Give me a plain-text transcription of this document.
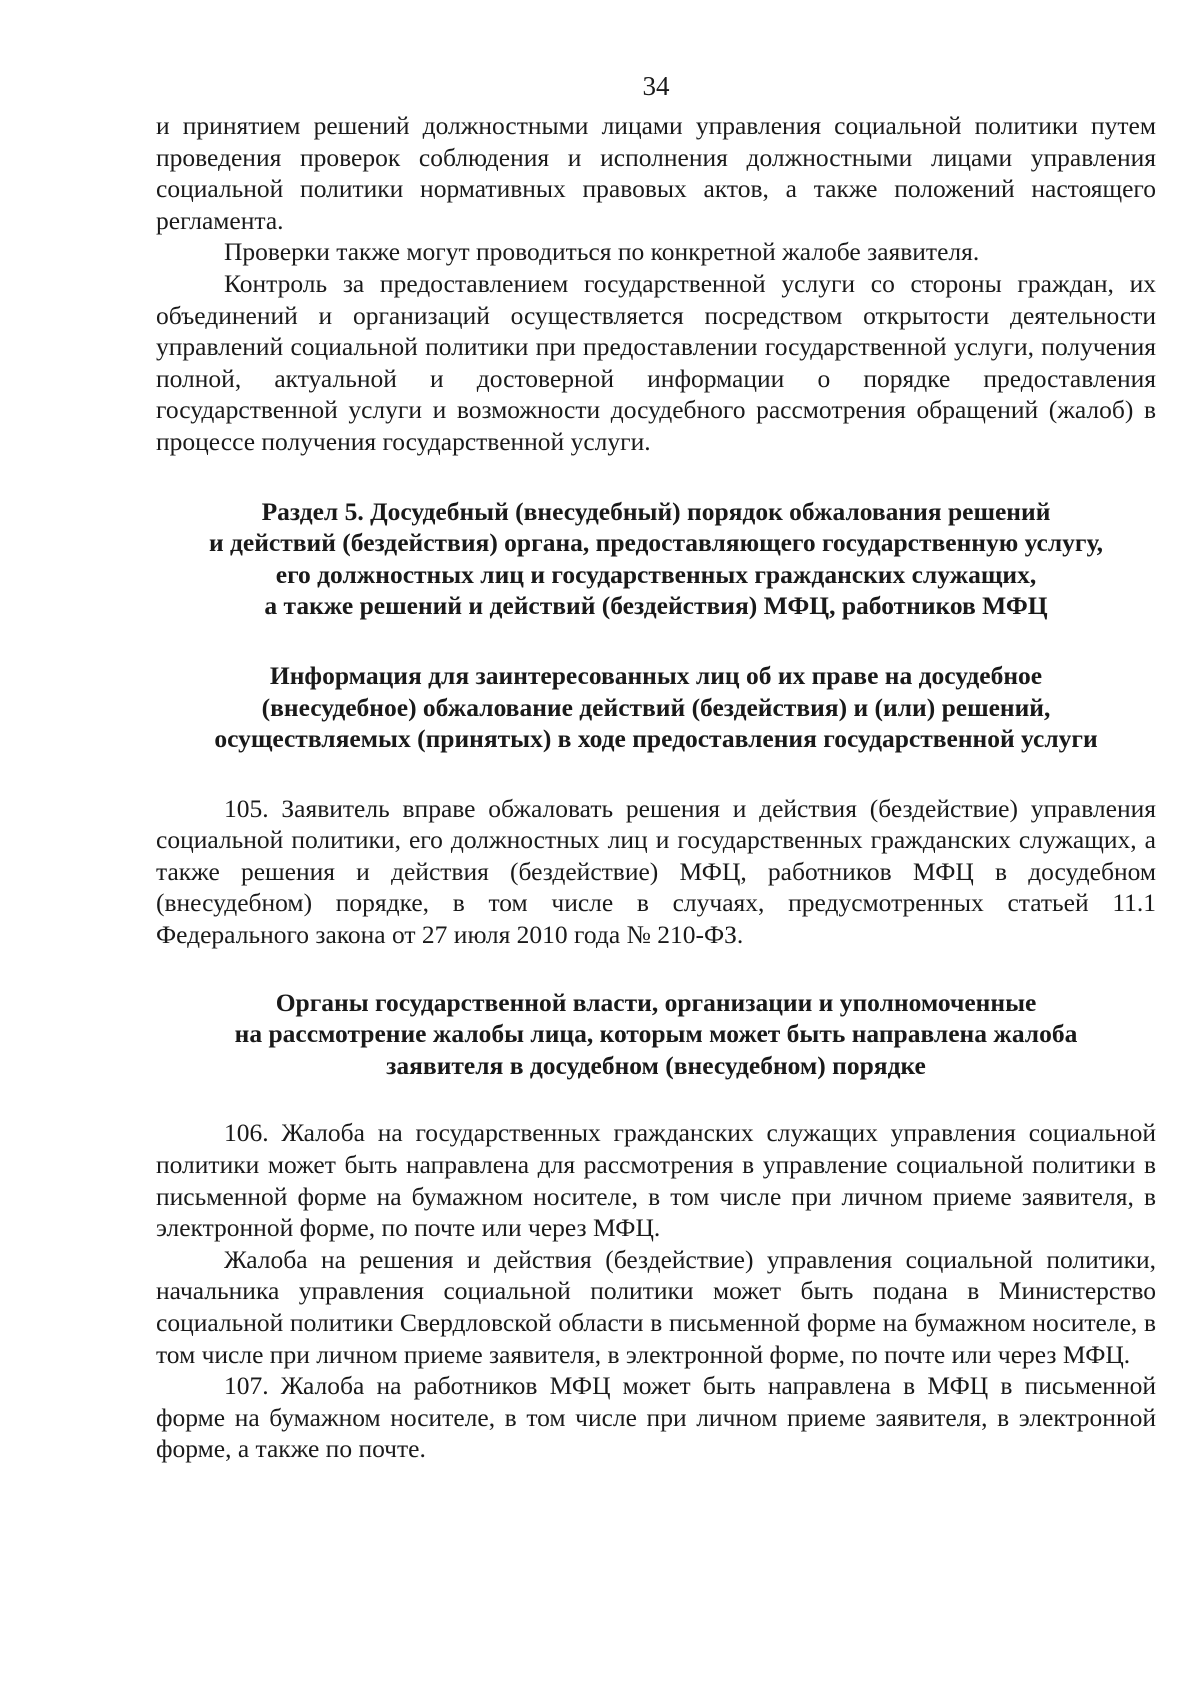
34

и принятием решений должностными лицами управления социальной политики путем проведения проверок соблюдения и исполнения должностными лицами управления социальной политики нормативных правовых актов, а также положений настоящего регламента.

Проверки также могут проводиться по конкретной жалобе заявителя.

Контроль за предоставлением государственной услуги со стороны граждан, их объединений и организаций осуществляется посредством открытости деятельности управлений социальной политики при предоставлении государственной услуги, получения полной, актуальной и достоверной информации о порядке предоставления государственной услуги и возможности досудебного рассмотрения обращений (жалоб) в процессе получения государственной услуги.

Раздел 5. Досудебный (внесудебный) порядок обжалования решений
и действий (бездействия) органа, предоставляющего государственную услугу,
его должностных лиц и государственных гражданских служащих,
а также решений и действий (бездействия) МФЦ, работников МФЦ
Информация для заинтересованных лиц об их праве на досудебное
(внесудебное) обжалование действий (бездействия) и (или) решений,
осуществляемых (принятых) в ходе предоставления государственной услуги

105. Заявитель вправе обжаловать решения и действия (бездействие) управления социальной политики, его должностных лиц и государственных гражданских служащих, а также решения и действия (бездействие) МФЦ, работников МФЦ в досудебном (внесудебном) порядке, в том числе в случаях, предусмотренных статьей 11.1 Федерального закона от 27 июля 2010 года № 210-ФЗ.

Органы государственной власти, организации и уполномоченные
на рассмотрение жалобы лица, которым может быть направлена жалоба
заявителя в досудебном (внесудебном) порядке

106. Жалоба на государственных гражданских служащих управления социальной политики может быть направлена для рассмотрения в управление социальной политики в письменной форме на бумажном носителе, в том числе при личном приеме заявителя, в электронной форме, по почте или через МФЦ.

Жалоба на решения и действия (бездействие) управления социальной политики, начальника управления социальной политики может быть подана в Министерство социальной политики Свердловской области в письменной форме на бумажном носителе, в том числе при личном приеме заявителя, в электронной форме, по почте или через МФЦ.

107. Жалоба на работников МФЦ может быть направлена в МФЦ в письменной форме на бумажном носителе, в том числе при личном приеме заявителя, в электронной форме, а также по почте.
